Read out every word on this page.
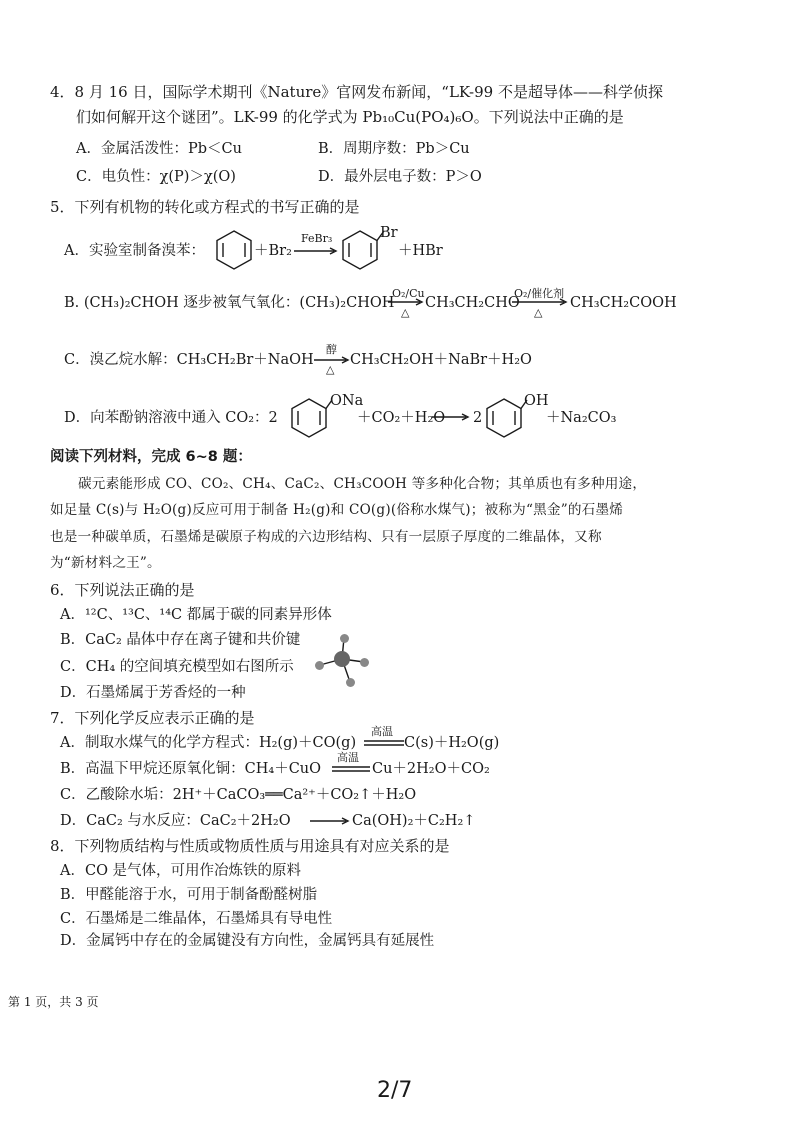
4．8 月 16 日，国际学术期刊《Nature》官网发布新闻，“LK-99 不是超导体——科学侦探
们如何解开这个谜团”。LK-99 的化学式为 Pb₁₀Cu(PO₄)₆O。下列说法中正确的是
A．金属活泼性：Pb＜Cu	B．周期序数：Pb＞Cu
C．电负性：χ(P)＞χ(O)	D．最外层电子数：P＞O
5．下列有机物的转化或方程式的书写正确的是
A．实验室制备溴苯：	＋Br₂
FeBr₃	Br
＋HBr
B. (CH₃)₂CHOH 逐步被氧气氧化：(CH₃)₂CHOH
O₂/Cu
△
CH₃CH₂CHO
O₂/催化剂
△
CH₃CH₂COOH
C．溴乙烷水解：CH₃CH₂Br＋NaOH
醇
△
CH₃CH₂OH＋NaBr＋H₂O
D．向苯酚钠溶液中通入 CO₂：2
ONa
＋CO₂＋H₂O → 2
OH
＋Na₂CO₃
阅读下列材料，完成 6~8 题：
碳元素能形成 CO、CO₂、CH₄、CaC₂、CH₃COOH 等多种化合物；其单质也有多种用途，
如足量 C(s)与 H₂O(g)反应可用于制备 H₂(g)和 CO(g)(俗称水煤气)；被称为“黑金”的石墨烯
也是一种碳单质，石墨烯是碳原子构成的六边形结构、只有一层原子厚度的二维晶体，又称
为“新材料之王”。
6．下列说法正确的是
A．¹²C、¹³C、¹⁴C 都属于碳的同素异形体
B．CaC₂ 晶体中存在离子键和共价键
C．CH₄ 的空间填充模型如右图所示
D．石墨烯属于芳香烃的一种
7．下列化学反应表示正确的是
A．制取水煤气的化学方程式：H₂(g)＋CO(g)
高温
C(s)＋H₂O(g)
B．高温下甲烷还原氧化铜：CH₄＋CuO
高温
Cu＋2H₂O＋CO₂
C．乙酸除水垢：2H⁺＋CaCO₃══Ca²⁺＋CO₂↑＋H₂O
D．CaC₂ 与水反应：CaC₂＋2H₂O → Ca(OH)₂＋C₂H₂↑
8．下列物质结构与性质或物质性质与用途具有对应关系的是
A．CO 是气体，可用作冶炼铁的原料
B．甲醛能溶于水，可用于制备酚醛树脂
C．石墨烯是二维晶体，石墨烯具有导电性
D．金属钙中存在的金属键没有方向性，金属钙具有延展性
第 1 页，共 3 页
2/7
